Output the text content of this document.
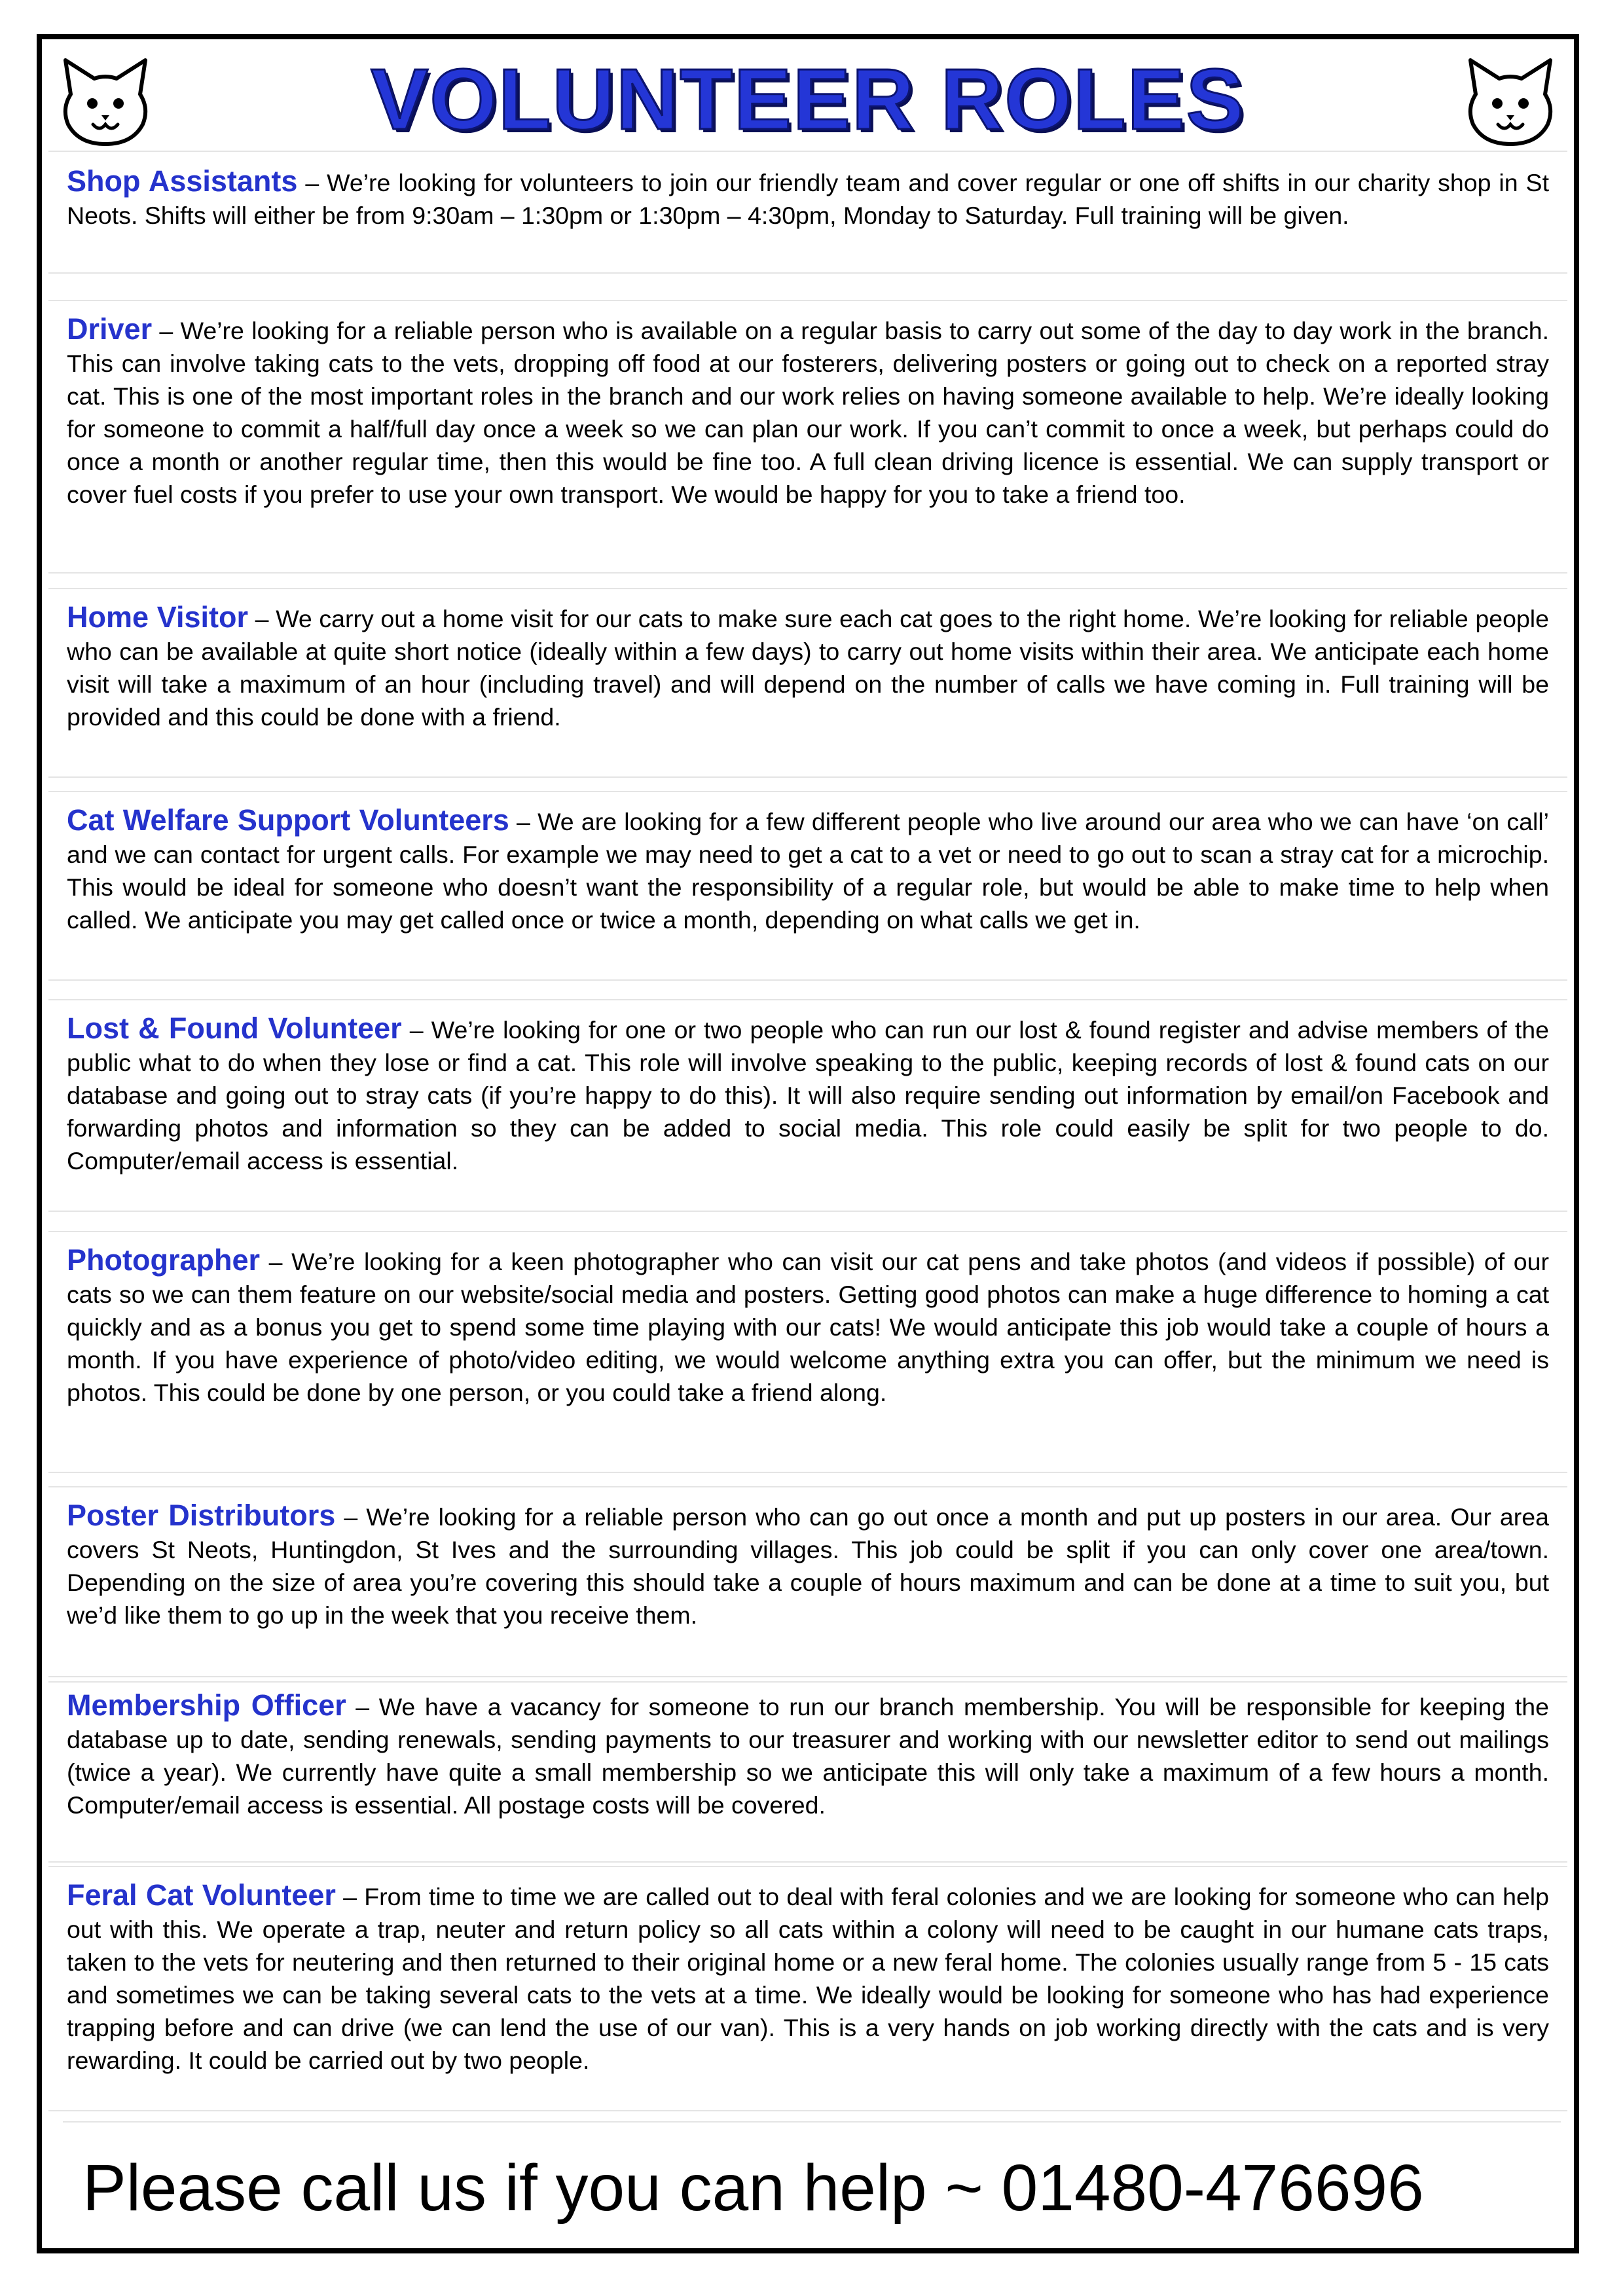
VOLUNTEER ROLES

Shop Assistants – We’re looking for volunteers to join our friendly team and cover regular or one off shifts in our charity shop in St Neots. Shifts will either be from 9:30am – 1:30pm or 1:30pm – 4:30pm, Monday to Saturday. Full training will be given.

Driver – We’re looking for a reliable person who is available on a regular basis to carry out some of the day to day work in the branch. This can involve taking cats to the vets, dropping off food at our fosterers, delivering posters or going out to check on a reported stray cat. This is one of the most important roles in the branch and our work relies on having someone available to help. We’re ideally looking for someone to commit a half/full day once a week so we can plan our work. If you can’t commit to once a week, but perhaps could do once a month or another regular time, then this would be fine too. A full clean driving licence is essential. We can supply transport or cover fuel costs if you prefer to use your own transport. We would be happy for you to take a friend too.

Home Visitor – We carry out a home visit for our cats to make sure each cat goes to the right home. We’re looking for reliable people who can be available at quite short notice (ideally within a few days) to carry out home visits within their area. We anticipate each home visit will take a maximum of an hour (including travel) and will depend on the number of calls we have coming in. Full training will be provided and this could be done with a friend.

Cat Welfare Support Volunteers – We are looking for a few different people who live around our area who we can have ‘on call’ and we can contact for urgent calls. For example we may need to get a cat to a vet or need to go out to scan a stray cat for a microchip. This would be ideal for someone who doesn’t want the responsibility of a regular role, but would be able to make time to help when called. We anticipate you may get called once or twice a month, depending on what calls we get in.

Lost & Found Volunteer – We’re looking for one or two people who can run our lost & found register and advise members of the public what to do when they lose or find a cat. This role will involve speaking to the public, keeping records of lost & found cats on our database and going out to stray cats (if you’re happy to do this). It will also require sending out information by email/on Facebook and forwarding photos and information so they can be added to social media. This role could easily be split for two people to do. Computer/email access is essential.

Photographer – We’re looking for a keen photographer who can visit our cat pens and take photos (and videos if possible) of our cats so we can them feature on our website/social media and posters. Getting good photos can make a huge difference to homing a cat quickly and as a bonus you get to spend some time playing with our cats! We would anticipate this job would take a couple of hours a month. If you have experience of photo/video editing, we would welcome anything extra you can offer, but the minimum we need is photos. This could be done by one person, or you could take a friend along.

Poster Distributors – We’re looking for a reliable person who can go out once a month and put up posters in our area. Our area covers St Neots, Huntingdon, St Ives and the surrounding villages. This job could be split if you can only cover one area/town. Depending on the size of area you’re covering this should take a couple of hours maximum and can be done at a time to suit you, but we’d like them to go up in the week that you receive them.

Membership Officer – We have a vacancy for someone to run our branch membership. You will be responsible for keeping the database up to date, sending renewals, sending payments to our treasurer and working with our newsletter editor to send out mailings (twice a year). We currently have quite a small membership so we anticipate this will only take a maximum of a few hours a month. Computer/email access is essential. All postage costs will be covered.

Feral Cat Volunteer – From time to time we are called out to deal with feral colonies and we are looking for someone who can help out with this. We operate a trap, neuter and return policy so all cats within a colony will need to be caught in our humane cats traps, taken to the vets for neutering and then returned to their original home or a new feral home. The colonies usually range from 5 - 15 cats and sometimes we can be taking several cats to the vets at a time. We ideally would be looking for someone who has had experience trapping before and can drive (we can lend the use of our van). This is a very hands on job working directly with the cats and is very rewarding. It could be carried out by two people.

Please call us if you can help ~ 01480-476696
